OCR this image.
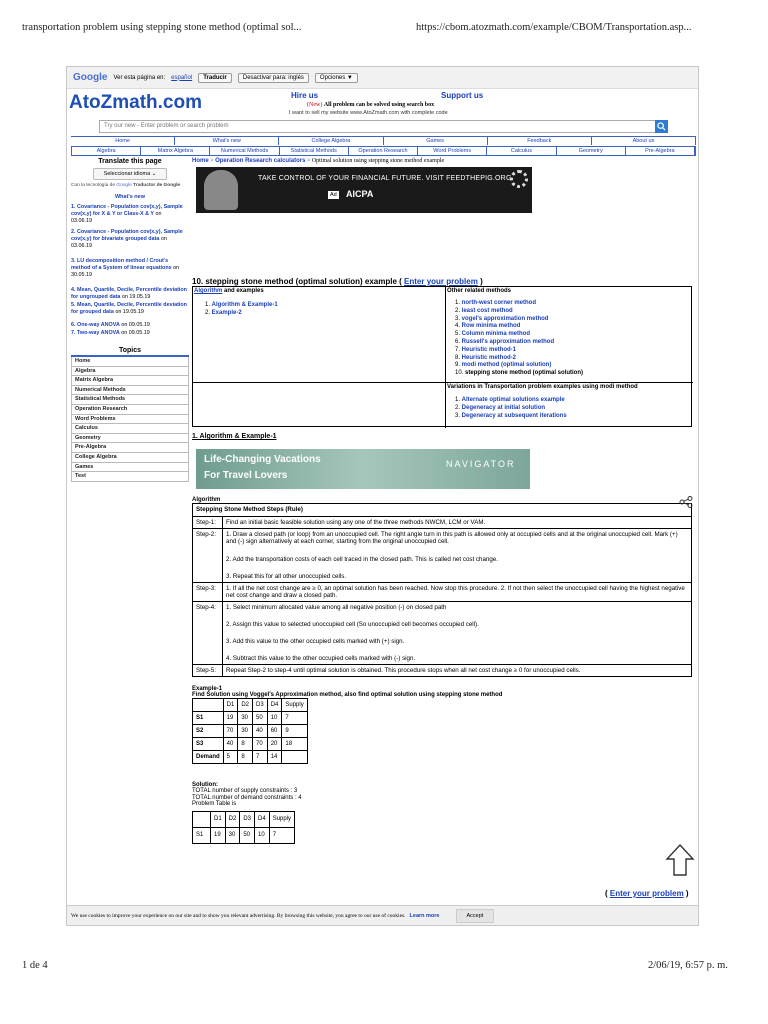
transportation problem using stepping stone method (optimal sol...	https://cbom.atozmath.com/example/CBOM/Transportation.asp...
Google Ver esta página en: español	Traducir	Desactivar para: inglés	Opciones ▼
AtoZmath.com	Hire us	Support us
(New) All problem can be solved using search box
I want to sell my website www.AtoZmath.com with complete code
Try our new - Enter problem or search problem
Home	What's new	College Algebra	Games	Feedback	About us
Algebra	Matrix Algebra	Numerical Methods	Statistical Methods	Operation Research	Word Problems	Calculus	Geometry	Pre-Algebra
Translate this page
Seleccionar idioma ⌄
Con la tecnología de Google Traductor de Google
What's new
1. Covariance - Population cov(x,y), Sample cov(x,y) for X & Y or Class-X & Y on
03.06.19
2. Covariance - Population cov(x,y), Sample cov(x,y) for bivariate grouped data on
03.06.19
3. LU decomposition method / Crout's method of a System of linear equations on
30.05.19
4. Mean, Quartile, Decile, Percentile deviation for ungrouped data on 19.05.19
5. Mean, Quartile, Decile, Percentile deviation for grouped data on 19.05.19
6. One-way ANOVA on 09.05.19
7. Two-way ANOVA on 09.05.19
Topics
Home
Algebra
Matrix Algebra
Numerical Methods
Statistical Methods
Operation Research
Word Problems
Calculus
Geometry
Pre-Algebra
College Algebra
Games
Test
Home > Operation Research calculators > Optimal solution using stepping stone method example
TAKE CONTROL OF YOUR FINANCIAL FUTURE. VISIT FEEDTHEPIG.ORG.
Ad AICPA
10. stepping stone method (optimal solution) example ( Enter your problem )
Algorithm and examples
1. Algorithm & Example-1
2. Example-2
Other related methods
1. north-west corner method
2. least cost method
3. vogel's approximation method
4. Row minima method
5. Column minima method
6. Russell's approximation method
7. Heuristic method-1
8. Heuristic method-2
9. modi method (optimal solution)
10. stepping stone method (optimal solution)
Variations in Transportation problem examples using modi method
1. Alternate optimal solutions example
2. Degeneracy at initial solution
3. Degeneracy at subsequent iterations
1. Algorithm & Example-1
Life-Changing Vacations
For Travel Lovers
NAVIGATOR
Algorithm
Stepping Stone Method Steps (Rule)	
Step-1:	Find an initial basic feasible solution using any one of the three methods NWCM, LCM or VAM.
Step-2:	1. Draw a closed path (or loop) from an unoccupied cell. The right angle turn in this path is allowed only at occupied cells and at the original unoccupied cell. Mark (+) and (-) sign alternatively at each corner, starting from the original unoccupied cell.
2. Add the transportation costs of each cell traced in the closed path. This is called net cost change.
3. Repeat this for all other unoccupied cells.

Step-3:	1. If all the net cost change are ≥ 0, an optimal solution has been reached. Now stop this procedure. 2. If not then select the unoccupied cell having the highest negative net cost change and draw a closed path.
Step-4:	1. Select minimum allocated value among all negative position (-) on closed path
2. Assign this value to selected unoccupied cell (So unoccupied cell becomes occupied cell).
3. Add this value to the other occupied cells marked with (+) sign.
4. Subtract this value to the other occupied cells marked with (-) sign.

Step-5:	Repeat Step-2 to step-4 until optimal solution is obtained. This procedure stops when all net cost change ≥ 0 for unoccupied cells.
Example-1
Find Solution using Voggel's Approximation method, also find optimal solution using stepping stone method
	D1	D2	D3	D4	Supply
S1	19	30	50	10	7
S2	70	30	40	60	9
S3	40	8	70	20	18
Demand	5	8	7	14	
Solution:
TOTAL number of supply constraints : 3
TOTAL number of demand constraints : 4
Problem Table is
	D1	D2	D3	D4	Supply
S1	19	30	50	10	7
( Enter your problem )
We use cookies to improve your experience on our site and to show you relevant advertising. By browsing this website, you agree to our use of cookies. Learn more	Accept
1 de 4	2/06/19, 6:57 p. m.
